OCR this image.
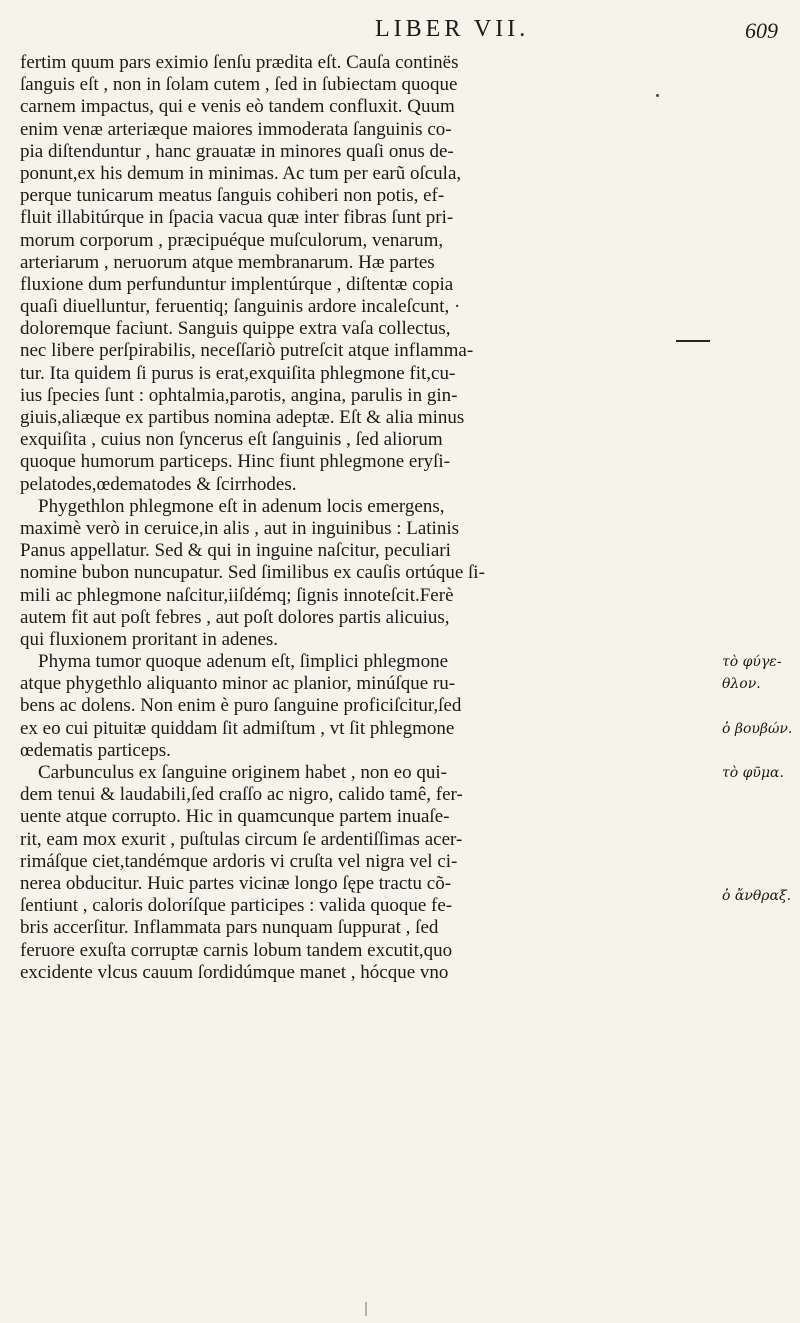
LIBER VII.	609
fertim quum pars eximio ſenſu prædita eſt. Cauſa continës
ſanguis eſt , non in ſolam cutem , ſed in ſubiectam quoque
carnem impactus, qui e venis eò tandem confluxit. Quum
enim venæ arteriæque maiores immoderata ſanguinis co-
pia diſtenduntur , hanc grauatæ in minores quaſi onus de-
ponunt,ex his demum in minimas. Ac tum per earũ oſcula,
perque tunicarum meatus ſanguis cohiberi non potis, ef-
fluit illabitúrque in ſpacia vacua quæ inter fibras ſunt pri-
morum corporum , præcipuéque muſculorum, venarum,
arteriarum , neruorum atque membranarum. Hæ partes
fluxione dum perfunduntur implentúrque , diſtentæ copia
quaſi diuelluntur, feruentiq; ſanguinis ardore incaleſcunt, ·
doloremque faciunt. Sanguis quippe extra vaſa collectus,
nec libere perſpirabilis, neceſſariò putreſcit atque inflamma-
tur. Ita quidem ſi purus is erat,exquiſita phlegmone fit,cu-
ius ſpecies ſunt : ophtalmia,parotis, angina, parulis in gin-
giuis,aliæque ex partibus nomina adeptæ. Eſt & alia minus
exquiſita , cuius non ſyncerus eſt ſanguinis , ſed aliorum
quoque humorum particeps. Hinc fiunt phlegmone eryſi-
pelatodes,œdematodes & ſcirrhodes.
Phygethlon phlegmone eſt in adenum locis emergens,
maximè verò in ceruice,in alis , aut in inguinibus : Latinis
Panus appellatur. Sed & qui in inguine naſcitur, peculiari
nomine bubon nuncupatur. Sed ſimilibus ex cauſis ortúque ſi-
mili ac phlegmone naſcitur,iiſdémq; ſignis innoteſcit.Ferè
autem fit aut poſt febres , aut poſt dolores partis alicuius,
qui fluxionem proritant in adenes.
Phyma tumor quoque adenum eſt, ſimplici phlegmone
atque phygethlo aliquanto minor ac planior, minúſque ru-
bens ac dolens. Non enim è puro ſanguine proficiſcitur,ſed
ex eo cui pituitæ quiddam ſit admiſtum , vt ſit phlegmone
œdematis particeps.
Carbunculus ex ſanguine originem habet , non eo qui-
dem tenui & laudabili,ſed craſſo ac nigro, calido tamê, fer-
uente atque corrupto. Hic in quamcunque partem inuaſe-
rit, eam mox exurit , puſtulas circum ſe ardentiſſimas acer-
rimáſque ciet,tandémque ardoris vi cruſta vel nigra vel ci-
nerea obducitur. Huic partes vicinæ longo ſępe tractu cõ-
ſentiunt , caloris doloríſque participes : valida quoque fe-
bris accerſitur. Inflammata pars nunquam ſuppurat , ſed
feruore exuſta corruptæ carnis lobum tandem excutit,quo
excidente vlcus cauum ſordidúmque manet , hócque vno
τὸ φύγε-
θλον.
ὁ βουβών.
τὸ φῦμα.
ὁ ἄνθραξ.
